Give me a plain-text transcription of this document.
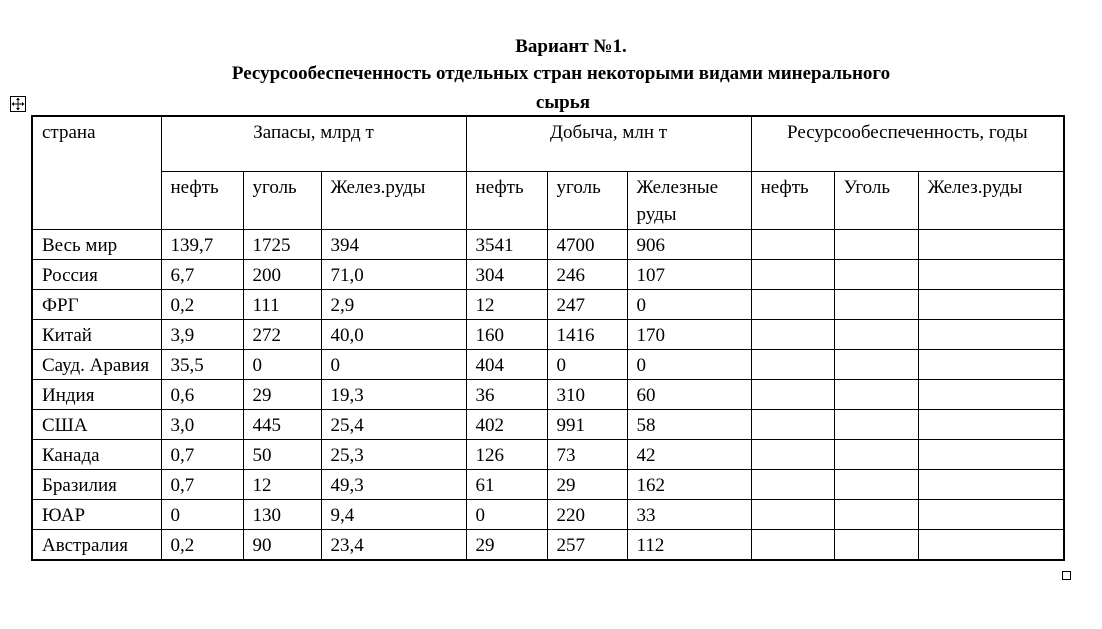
Вариант №1.
Ресурсообеспеченность отдельных стран некоторыми видами минерального
сырья
страна	Запасы, млрд т			Добыча, млн т			Ресурсообеспеченность, годы		
	нефть	уголь	Желез.руды	нефть	уголь	Железные руды	нефть	Уголь	Желез.руды
Весь мир	139,7	1725	394	3541	4700	906			
Россия	6,7	200	71,0	304	246	107			
ФРГ	0,2	111	2,9	12	247	0			
Китай	3,9	272	40,0	160	1416	170			
Сауд. Аравия	35,5	0	0	404	0	0			
Индия	0,6	29	19,3	36	310	60			
США	3,0	445	25,4	402	991	58			
Канада	0,7	50	25,3	126	73	42			
Бразилия	0,7	12	49,3	61	29	162			
ЮАР	0	130	9,4	0	220	33			
Австралия	0,2	90	23,4	29	257	112			
